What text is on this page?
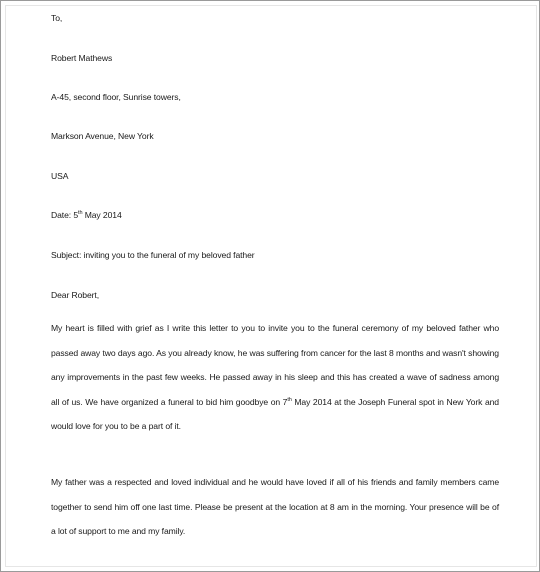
To,
Robert Mathews
A-45, second floor, Sunrise towers,
Markson Avenue, New York
USA
Date: 5th May 2014
Subject: inviting you to the funeral of my beloved father
Dear Robert,
My heart is filled with grief as I write this letter to you to invite you to the funeral ceremony of my beloved father who passed away two days ago. As you already know, he was suffering from cancer for the last 8 months and wasn't showing any improvements in the past few weeks. He passed away in his sleep and this has created a wave of sadness among all of us. We have organized a funeral to bid him goodbye on 7th May 2014 at the Joseph Funeral spot in New York and would love for you to be a part of it.
My father was a respected and loved individual and he would have loved if all of his friends and family members came together to send him off one last time. Please be present at the location at 8 am in the morning. Your presence will be of a lot of support to me and my family.
